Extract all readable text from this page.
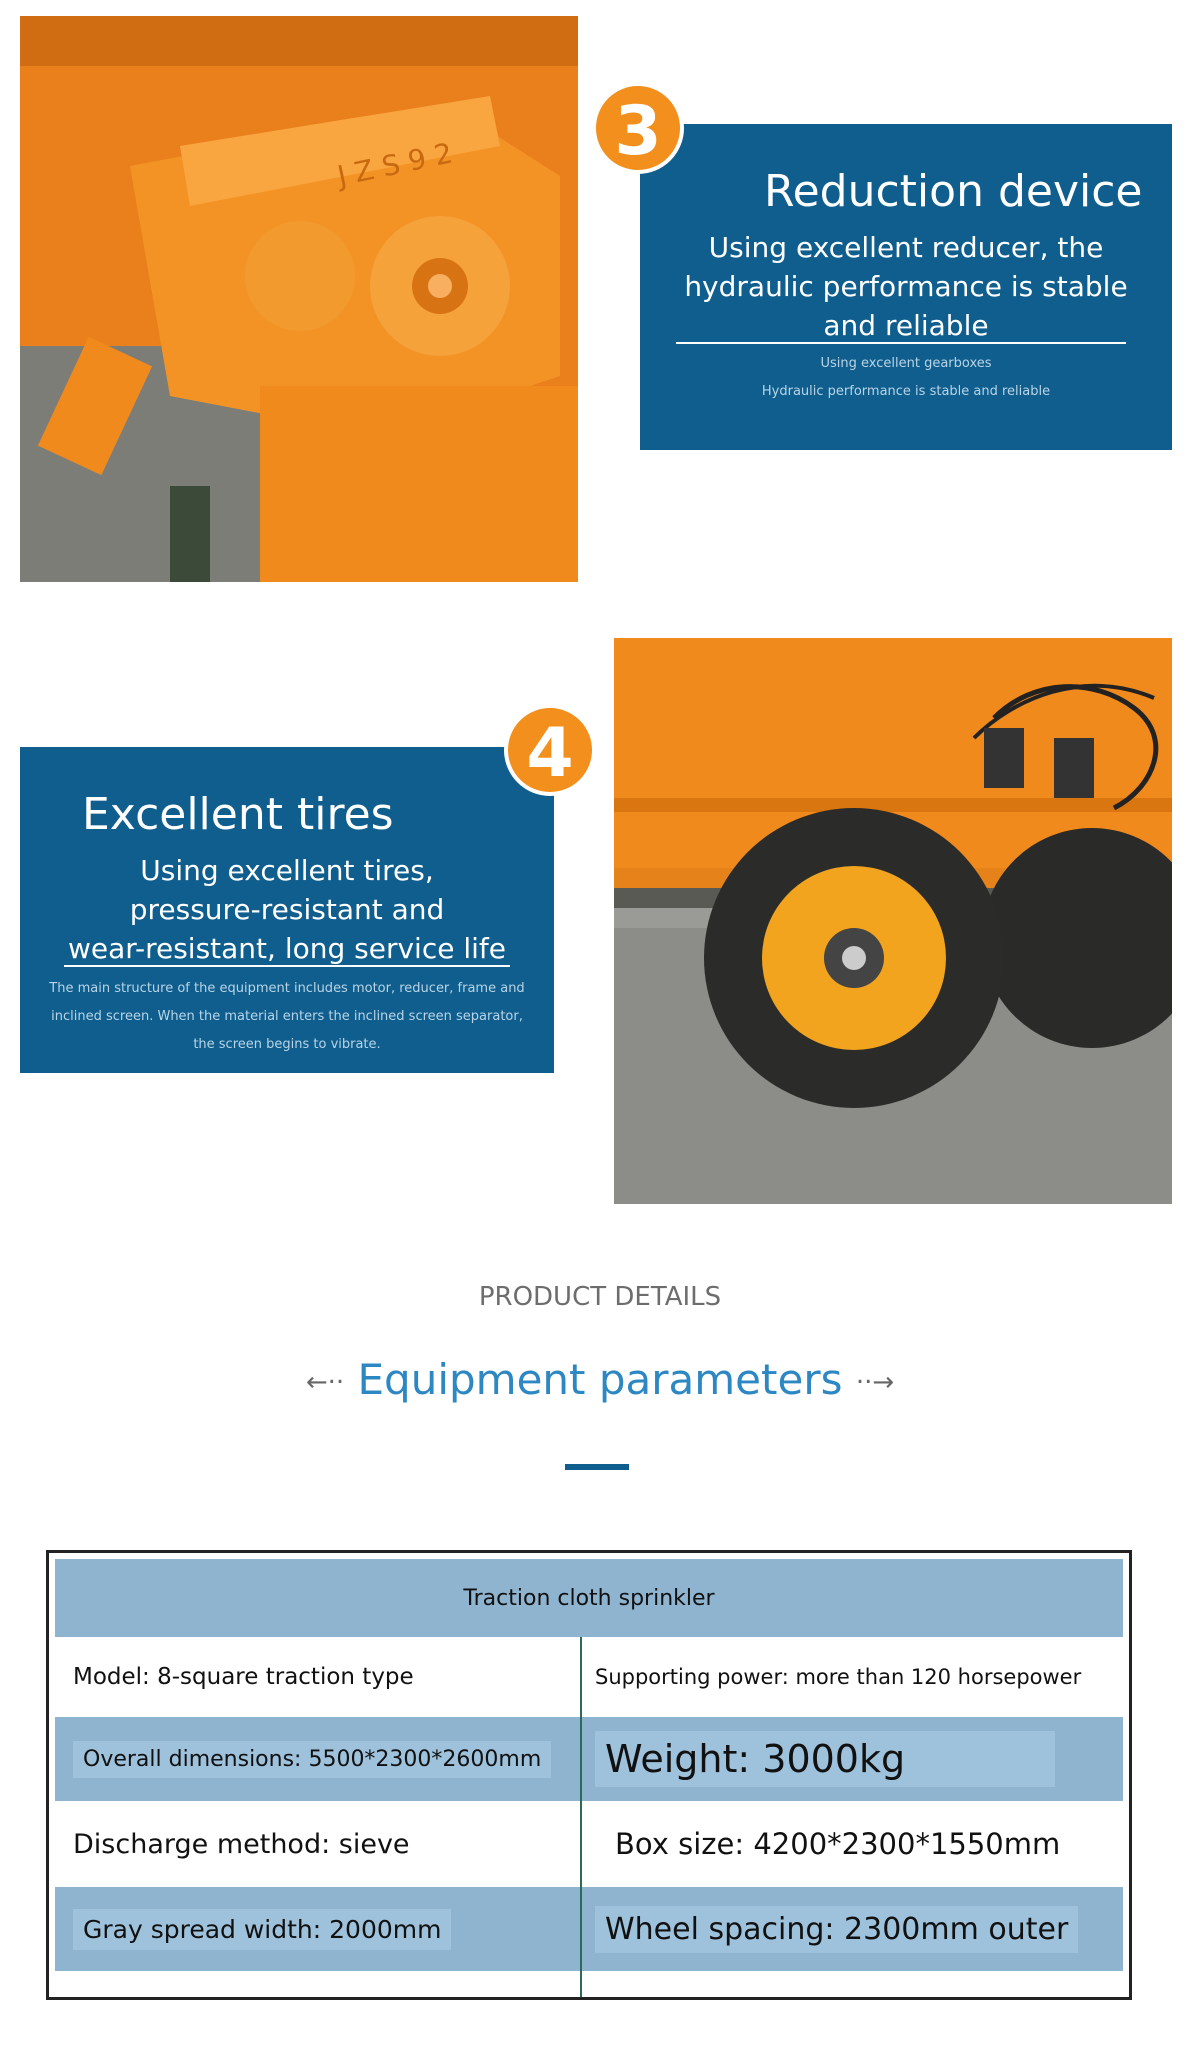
J Z S 9 2	Reduction device
Using excellent reducer, the
hydraulic performance is stable
and reliable
Using excellent gearboxes
Hydraulic performance is stable and reliable
3
Excellent tires
Using excellent tires,
pressure-resistant and
wear-resistant, long service life
The main structure of the equipment includes motor, reducer, frame and
inclined screen. When the material enters the inclined screen separator,
the screen begins to vibrate.
4
PRODUCT DETAILS
←·· Equipment parameters ··→
Traction cloth sprinkler
Model: 8-square traction type	Supporting power: more than 120 horsepower
Overall dimensions: 5500*2300*2600mm Weight: 3000kg
Discharge method: sieve	Box size: 4200*2300*1550mm
Gray spread width: 2000mm	Wheel spacing: 2300mm outer
